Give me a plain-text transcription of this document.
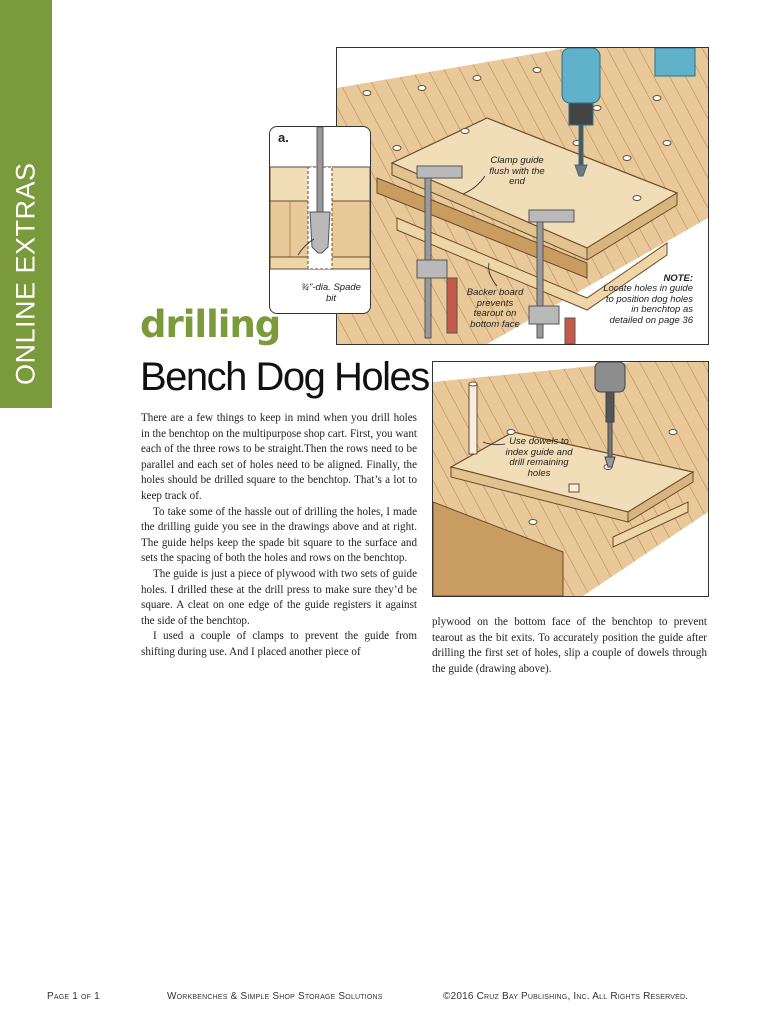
ONLINE EXTRAS
Clamp guide flush with the end
Backer board prevents tearout on bottom face
NOTE:
Locate holes in guide to position dog holes in benchtop as detailed on page 36
a.
¾"-dia. Spade bit
drilling
Bench Dog Holes
Use dowels to index guide and drill remaining holes

There are a few things to keep in mind when you drill holes in the benchtop on the multipurpose shop cart. First, you want each of the three rows to be straight.Then the rows need to be parallel and each set of holes need to be aligned. Finally, the holes should be drilled square to the benchtop. That’s a lot to keep track of.

To take some of the hassle out of drilling the holes, I made the drilling guide you see in the drawings above and at right. The guide helps keep the spade bit square to the surface and sets the spacing of both the holes and rows on the benchtop.

The guide is just a piece of plywood with two sets of guide holes. I drilled these at the drill press to make sure they’d be square. A cleat on one edge of the guide registers it against the side of the benchtop.

I used a couple of clamps to prevent the guide from shifting during use. And I placed another piece of

plywood on the bottom face of the benchtop to prevent tearout as the bit exits. To accurately position the guide after drilling the first set of holes, slip a couple of dowels through the guide (drawing above).

Page 1 of 1	Workbenches & Simple Shop Storage Solutions	©2016 Cruz Bay Publishing, Inc. All Rights Reserved.
